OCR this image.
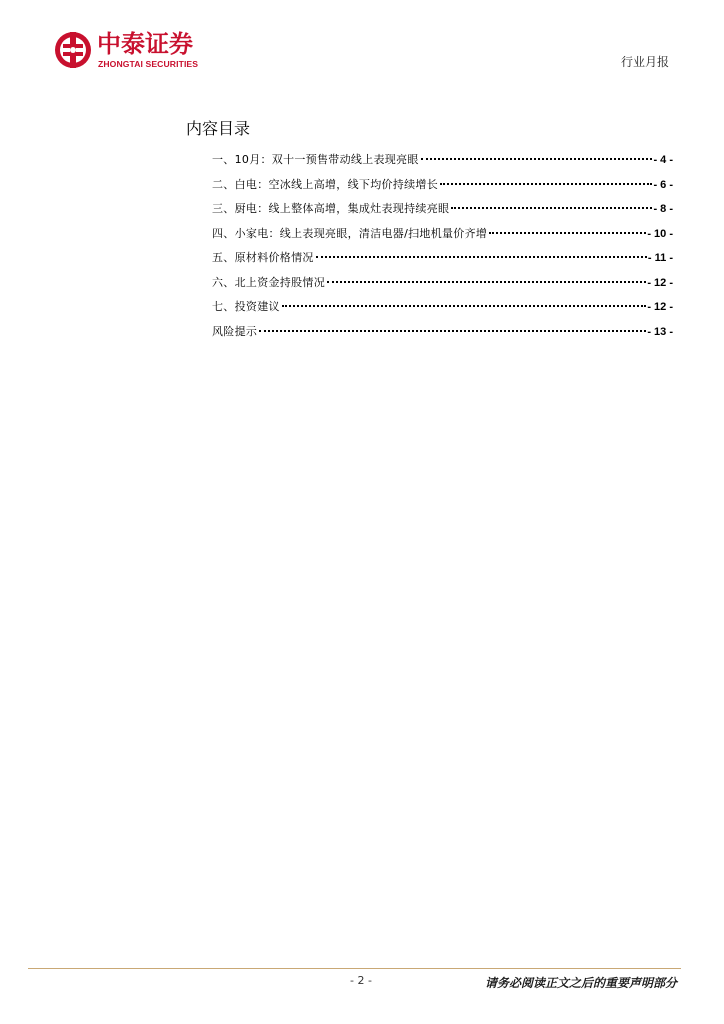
中泰证券
ZHONGTAI SECURITIES	行业月报
内容目录
一、10月：双十一预售带动线上表现亮眼	- 4 -
二、白电：空冰线上高增，线下均价持续增长	- 6 -
三、厨电：线上整体高增，集成灶表现持续亮眼	- 8 -
四、小家电：线上表现亮眼，清洁电器/扫地机量价齐增	- 10 -
五、原材料价格情况	- 11 -
六、北上资金持股情况	- 12 -
七、投资建议	- 12 -
风险提示	- 13 -
- 2 -	请务必阅读正文之后的重要声明部分
